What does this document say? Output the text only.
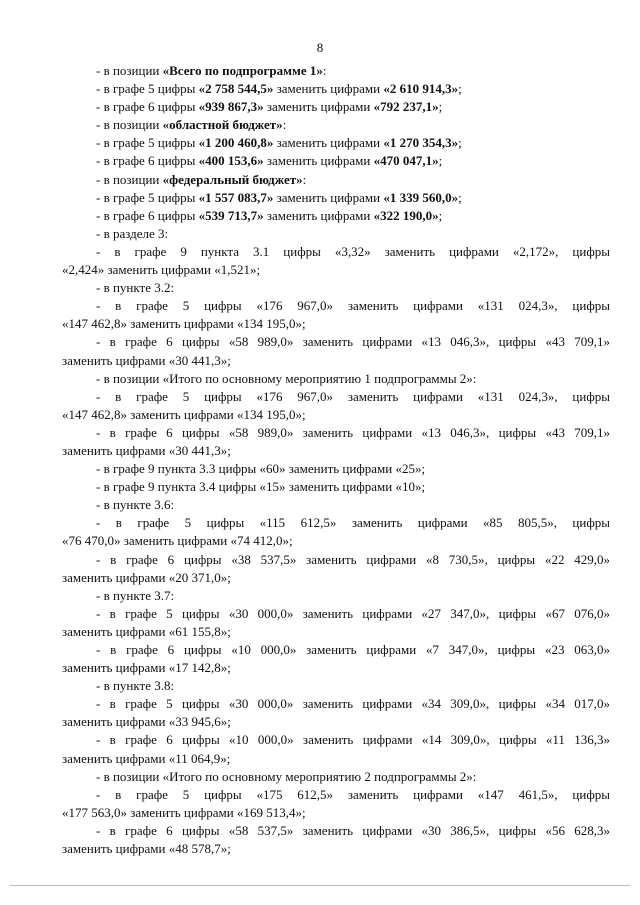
8
- в позиции «Всего по подпрограмме 1»:
- в графе 5 цифры «2 758 544,5» заменить цифрами «2 610 914,3»;
- в графе 6 цифры «939 867,3» заменить цифрами «792 237,1»;
- в позиции «областной бюджет»:
- в графе 5 цифры «1 200 460,8» заменить цифрами «1 270 354,3»;
- в графе 6 цифры «400 153,6» заменить цифрами «470 047,1»;
- в позиции «федеральный бюджет»:
- в графе 5 цифры «1 557 083,7» заменить цифрами «1 339 560,0»;
- в графе 6 цифры «539 713,7» заменить цифрами «322 190,0»;
- в разделе 3:
- в графе 9 пункта 3.1 цифры «3,32» заменить цифрами «2,172», цифры
«2,424» заменить цифрами «1,521»;
- в пункте 3.2:
- в графе 5 цифры «176 967,0» заменить цифрами «131 024,3», цифры
«147 462,8» заменить цифрами «134 195,0»;
- в графе 6 цифры «58 989,0» заменить цифрами «13 046,3», цифры «43 709,1»
заменить цифрами «30 441,3»;
- в позиции «Итого по основному мероприятию 1 подпрограммы 2»:
- в графе 5 цифры «176 967,0» заменить цифрами «131 024,3», цифры
«147 462,8» заменить цифрами «134 195,0»;
- в графе 6 цифры «58 989,0» заменить цифрами «13 046,3», цифры «43 709,1»
заменить цифрами «30 441,3»;
- в графе 9 пункта 3.3 цифры «60» заменить цифрами «25»;
- в графе 9 пункта 3.4 цифры «15» заменить цифрами «10»;
- в пункте 3.6:
- в графе 5 цифры «115 612,5» заменить цифрами «85 805,5», цифры
«76 470,0» заменить цифрами «74 412,0»;
- в графе 6 цифры «38 537,5» заменить цифрами «8 730,5», цифры «22 429,0»
заменить цифрами «20 371,0»;
- в пункте 3.7:
- в графе 5 цифры «30 000,0» заменить цифрами «27 347,0», цифры «67 076,0»
заменить цифрами «61 155,8»;
- в графе 6 цифры «10 000,0» заменить цифрами «7 347,0», цифры «23 063,0»
заменить цифрами «17 142,8»;
- в пункте 3.8:
- в графе 5 цифры «30 000,0» заменить цифрами «34 309,0», цифры «34 017,0»
заменить цифрами «33 945,6»;
- в графе 6 цифры «10 000,0» заменить цифрами «14 309,0», цифры «11 136,3»
заменить цифрами «11 064,9»;
- в позиции «Итого по основному мероприятию 2 подпрограммы 2»:
- в графе 5 цифры «175 612,5» заменить цифрами «147 461,5», цифры
«177 563,0» заменить цифрами «169 513,4»;
- в графе 6 цифры «58 537,5» заменить цифрами «30 386,5», цифры «56 628,3»
заменить цифрами «48 578,7»;
